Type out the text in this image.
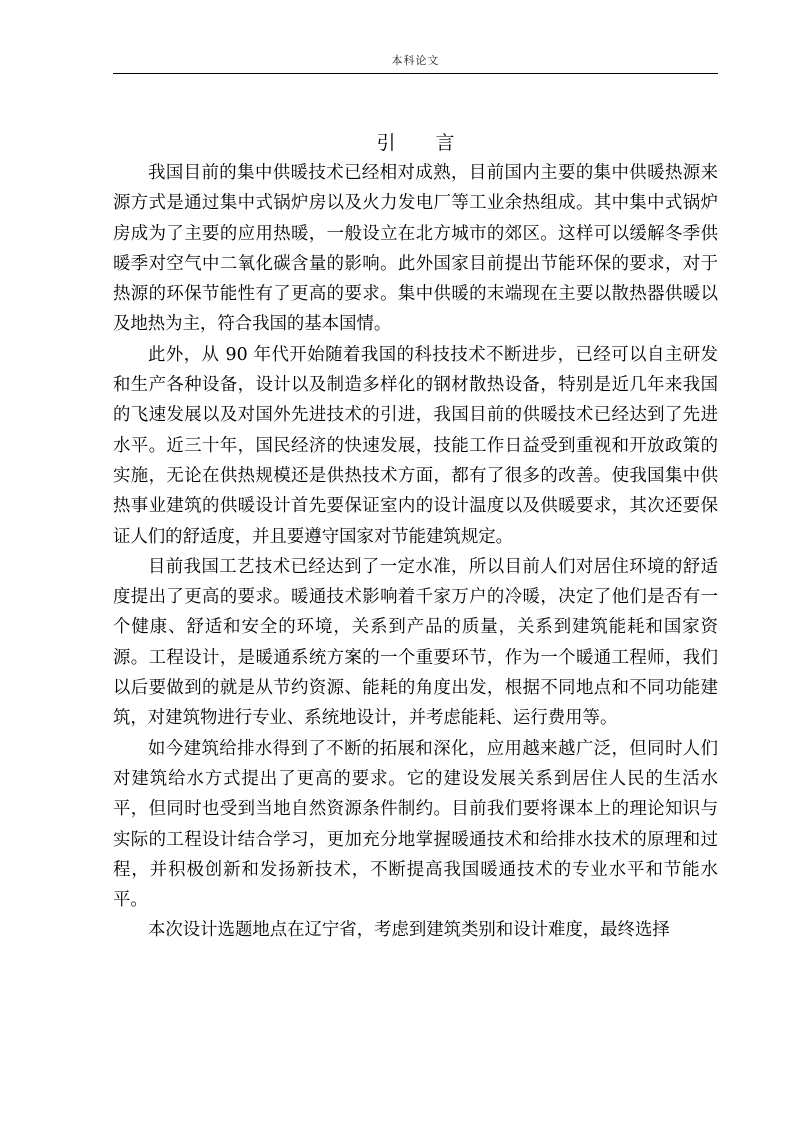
本科论文
引言

我国目前的集中供暖技术已经相对成熟，目前国内主要的集中供暖热源来源方式是通过集中式锅炉房以及火力发电厂等工业余热组成。其中集中式锅炉房成为了主要的应用热暖，一般设立在北方城市的郊区。这样可以缓解冬季供暖季对空气中二氧化碳含量的影响。此外国家目前提出节能环保的要求，对于热源的环保节能性有了更高的要求。集中供暖的末端现在主要以散热器供暖以及地热为主，符合我国的基本国情。

此外，从 90 年代开始随着我国的科技技术不断进步，已经可以自主研发和生产各种设备，设计以及制造多样化的钢材散热设备，特别是近几年来我国的飞速发展以及对国外先进技术的引进，我国目前的供暖技术已经达到了先进水平。近三十年，国民经济的快速发展，技能工作日益受到重视和开放政策的实施，无论在供热规模还是供热技术方面，都有了很多的改善。使我国集中供热事业建筑的供暖设计首先要保证室内的设计温度以及供暖要求，其次还要保证人们的舒适度，并且要遵守国家对节能建筑规定。

目前我国工艺技术已经达到了一定水准，所以目前人们对居住环境的舒适度提出了更高的要求。暖通技术影响着千家万户的冷暖，决定了他们是否有一个健康、舒适和安全的环境，关系到产品的质量，关系到建筑能耗和国家资源。工程设计，是暖通系统方案的一个重要环节，作为一个暖通工程师，我们以后要做到的就是从节约资源、能耗的角度出发，根据不同地点和不同功能建筑，对建筑物进行专业、系统地设计，并考虑能耗、运行费用等。

如今建筑给排水得到了不断的拓展和深化，应用越来越广泛，但同时人们对建筑给水方式提出了更高的要求。它的建设发展关系到居住人民的生活水平，但同时也受到当地自然资源条件制约。目前我们要将课本上的理论知识与实际的工程设计结合学习，更加充分地掌握暖通技术和给排水技术的原理和过程，并积极创新和发扬新技术，不断提高我国暖通技术的专业水平和节能水平。

本次设计选题地点在辽宁省，考虑到建筑类别和设计难度，最终选择
